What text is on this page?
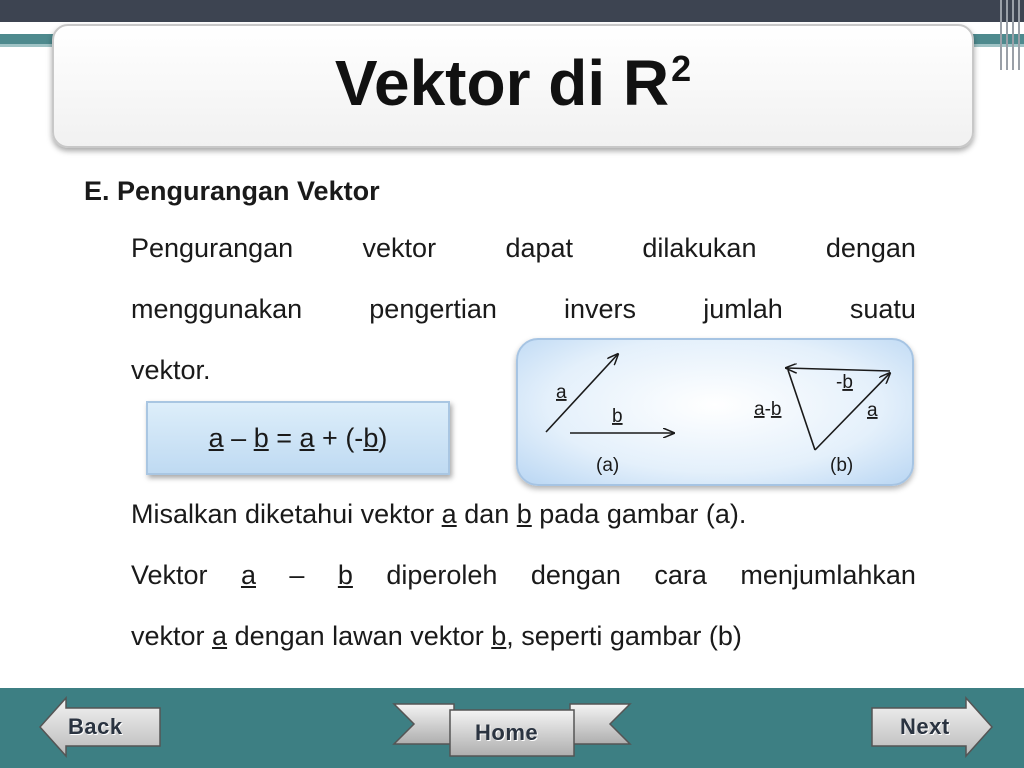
Vektor di $R^2$
E. Pengurangan Vektor
Pengurangan	vektor	dapat	dilakukan	dengan
menggunakan pengertian invers jumlah suatu
vektor.
a – b = a + (- b )
a
b
(a)
-b
a-b	a
(b)
Misalkan diketahui vektor a dan b pada gambar (a).
Vektor a – b diperoleh dengan cara menjumlahkan
vektor a dengan lawan vektor b, seperti gambar (b)
Back	Home	Next
